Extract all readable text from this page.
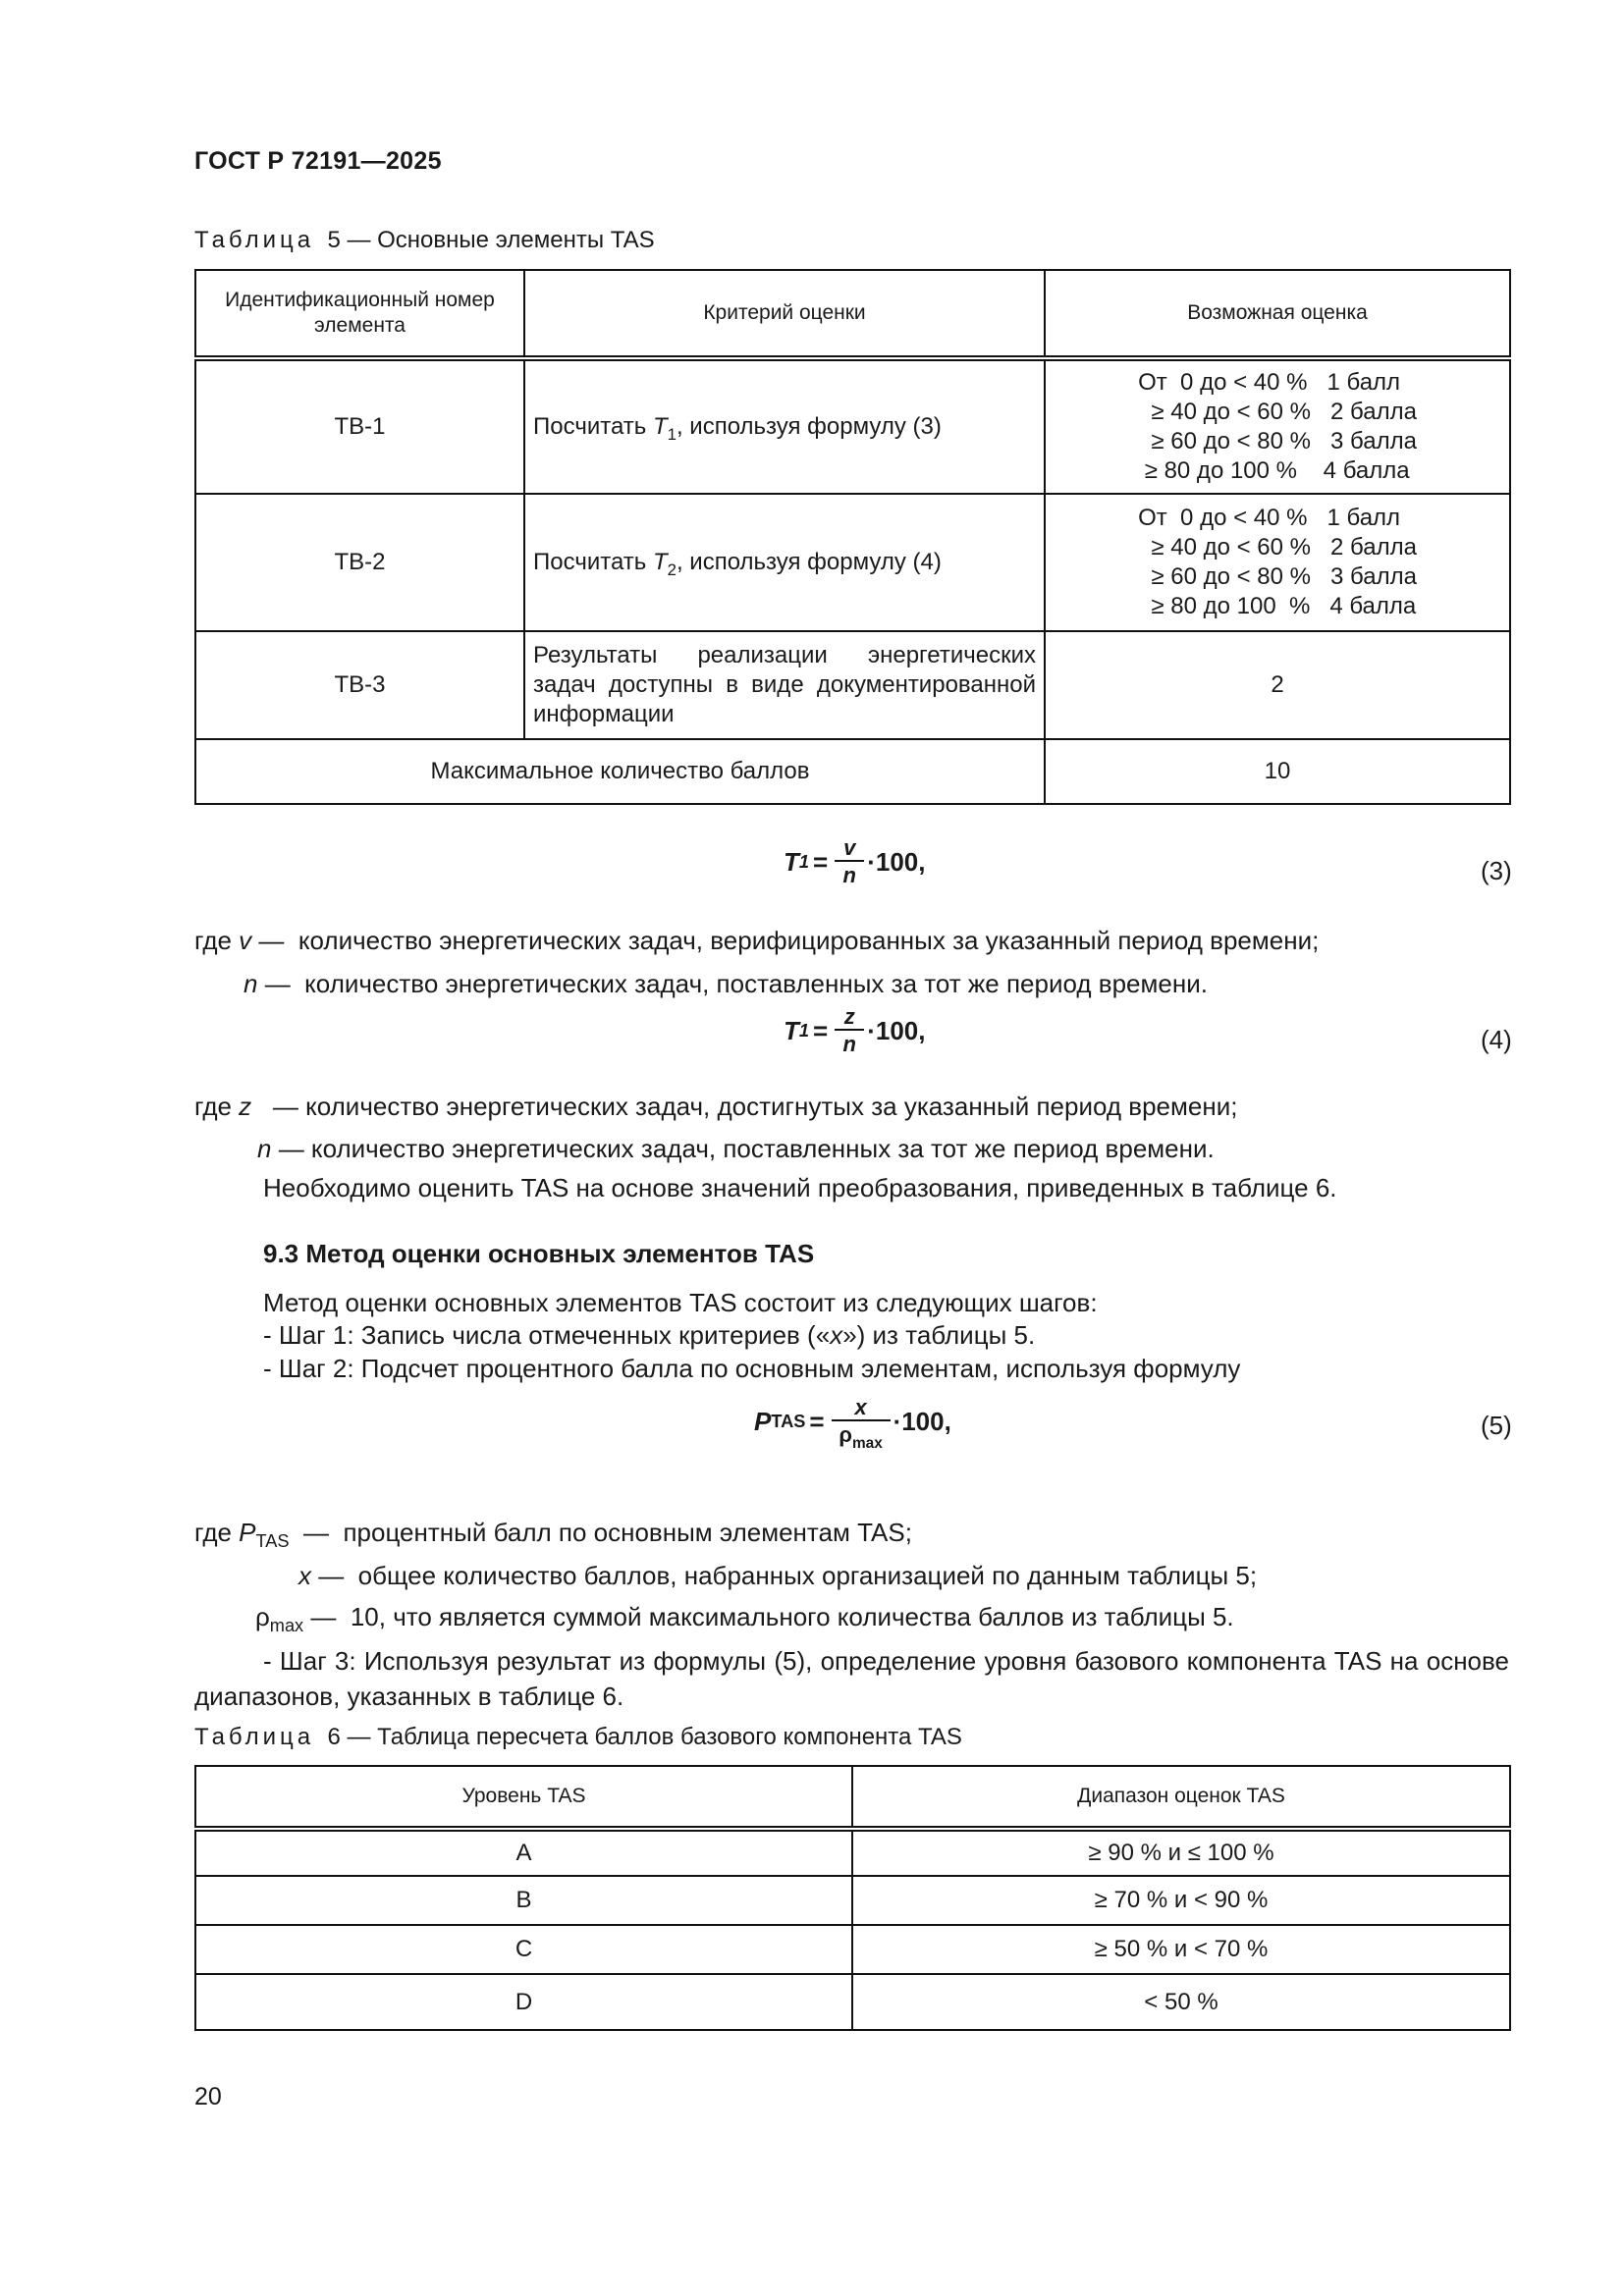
ГОСТ Р 72191—2025
Таблица 5 — Основные элементы TAS
Идентификационный номер элемента	Критерий оценки	Возможная оценка
ТВ-1	Посчитать $T_1$, используя формулу (3)	От  0 до < 40 %   1 балл
≥ 40 до < 60 %   2 балла
≥ 60 до < 80 %   3 балла
≥ 80 до 100 %    4 балла

ТВ-2	Посчитать $T_2$, используя формулу (4)	От  0 до < 40 %   1 балл
≥ 40 до < 60 %   2 балла
≥ 60 до < 80 %   3 балла
≥ 80 до 100  %   4 балла

ТВ-3	Результаты реализации энергетических задач доступны в виде документированной информации	2
Максимальное количество баллов		10
T $1 = \frac{v}{n} \cdot 100$,	(3)
где v —  количество энергетических задач, верифицированных за указанный период времени;
n —  количество энергетических задач, поставленных за тот же период времени.
T $1 = \frac{z}{n} \cdot 100$,	(4)
где z   — количество энергетических задач, достигнутых за указанный период времени;
n — количество энергетических задач, поставленных за тот же период времени.
Необходимо оценить TAS на основе значений преобразования, приведенных в таблице 6.
9.3 Метод оценки основных элементов TAS
Метод оценки основных элементов TAS состоит из следующих шагов:
- Шаг 1: Запись числа отмеченных критериев («x») из таблицы 5.
- Шаг 2: Подсчет процентного балла по основным элементам, используя формулу
P TAS = $\frac{x}{\rho_{max}} \cdot 100$,	(5)
где $P_{TAS}$  —  процентный балл по основным элементам TAS;
x —  общее количество баллов, набранных организацией по данным таблицы 5;
$\rho_{max}$ —  10, что является суммой максимального количества баллов из таблицы 5.
- Шаг 3: Используя результат из формулы (5), определение уровня базового компонента TAS на основе диапазонов, указанных в таблице 6.
Таблица 6 — Таблица пересчета баллов базового компонента TAS
Уровень TAS	Диапазон оценок TAS
A	≥ 90 % и ≤ 100 %
B	≥ 70 % и < 90 %
C	≥ 50 % и < 70 %
D	< 50 %
20
